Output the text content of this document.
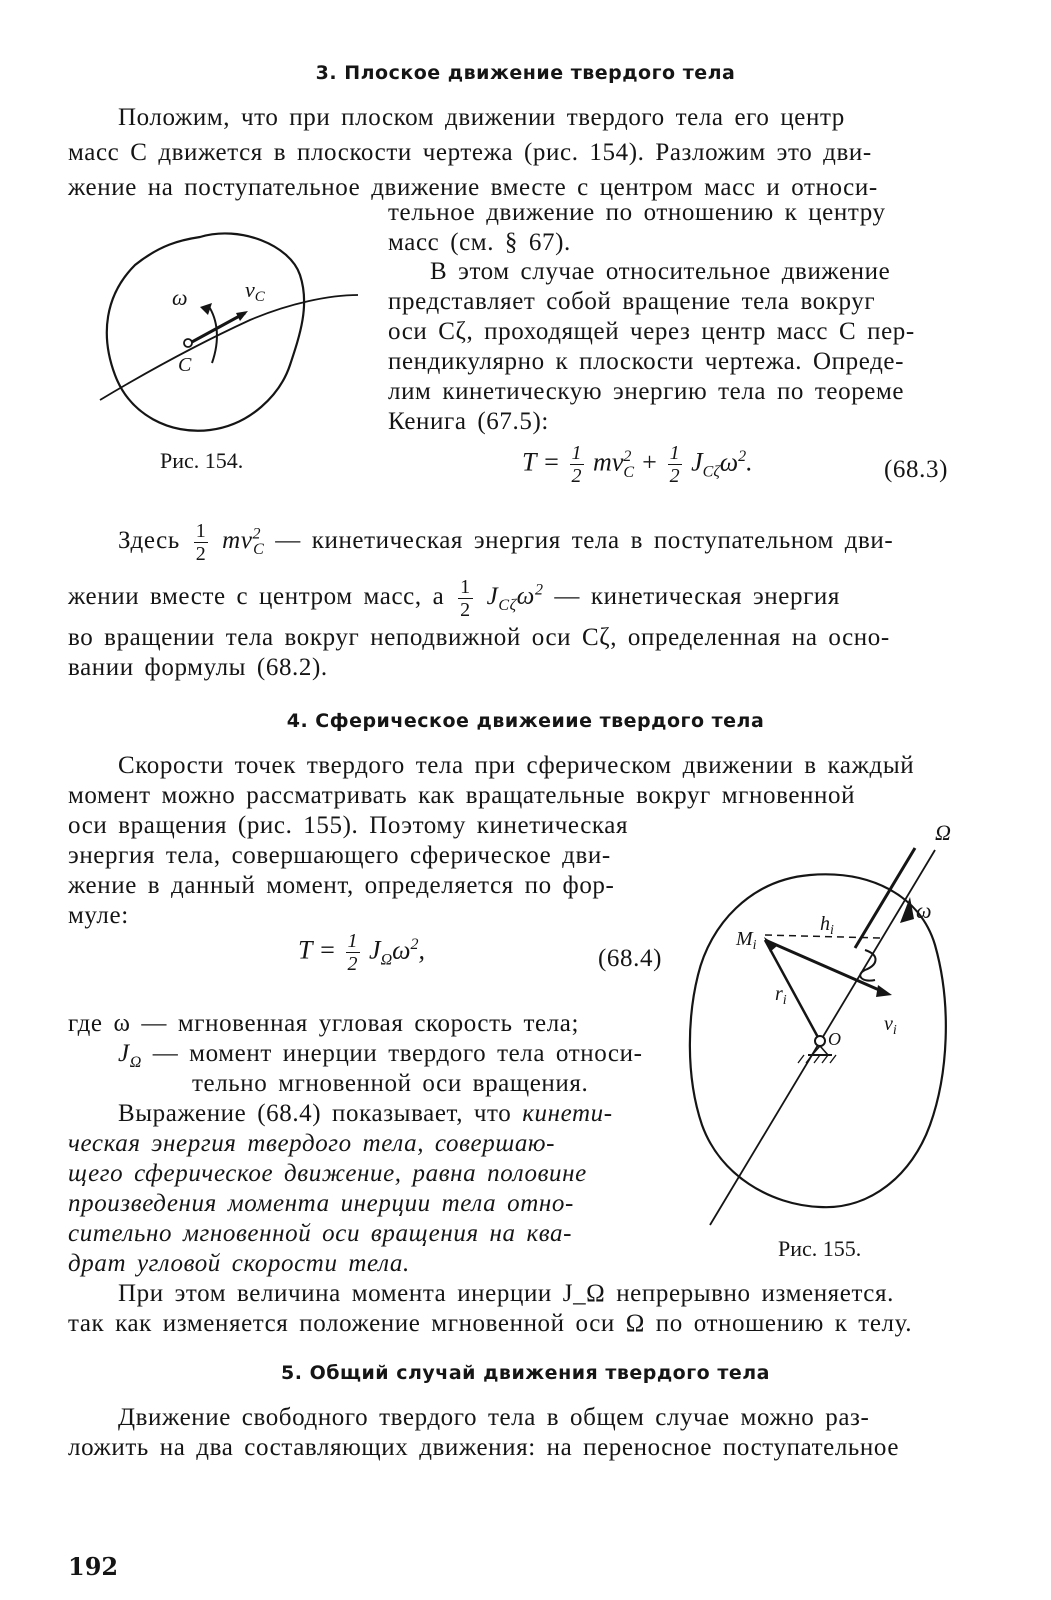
3. Плоское движение твердого тела
Положим, что при плоском движении твердого тела его центр
масс C движется в плоскости чертежа (рис. 154). Разложим это дви-
жение на поступательное движение вместе с центром масс и относи-
тельное движение по отношению к центру
масс (см. § 67).
В этом случае относительное движение
представляет собой вращение тела вокруг
оси Cζ, проходящей через центр масс C пер-
пендикулярно к плоскости чертежа. Опреде-
лим кинетическую энергию тела по теореме
Кенига (67.5):
ω	vC
C
Рис. 154.	$T = \frac{1}{2} mv^2_C + \frac{1}{2} J_{C\zeta}\omega^2$.	(68.3)
Здесь $\frac{1}{2} mv^2_C$ — кинетическая энергия тела в поступательном дви-
жении вместе с центром масс, а $\frac{1}{2} J_{C\zeta}\omega^2$ — кинетическая энергия
во вращении тела вокруг неподвижной оси Cζ, определенная на осно-
вании формулы (68.2).
4. Сферическое движеиие твердого тела
Скорости точек твердого тела при сферическом движении в каждый
момент можно рассматривать как вращательные вокруг мгновенной
оси вращения (рис. 155). Поэтому кинетическая
энергия тела, совершающего сферическое дви-
жение в данный момент, определяется по фор-
муле:
$T = \frac{1}{2} J_\Omega\omega^2$,	(68.4)
где ω — мгновенная угловая скорость тела;
$J_\Omega$ — момент инерции твердого тела относи-
тельно мгновенной оси вращения.
Выражение (68.4) показывает, что кинети-
ческая энергия твердого тела, совершаю-
щего сферическое движение, равна половине
произведения момента инерции тела отно-
сительно мгновенной оси вращения на ква-
драт угловой скорости тела.
Ω
ω
$h_i$
$M_i$
$r_i$
$v_i$
O
Рис. 155.
При этом величина момента инерции J_Ω непрерывно изменяется.
так как изменяется положение мгновенной оси Ω по отношению к телу.
5. Общий случай движения твердого тела
Движение свободного твердого тела в общем случае можно раз-
ложить на два составляющих движения: на переносное поступательное
192
